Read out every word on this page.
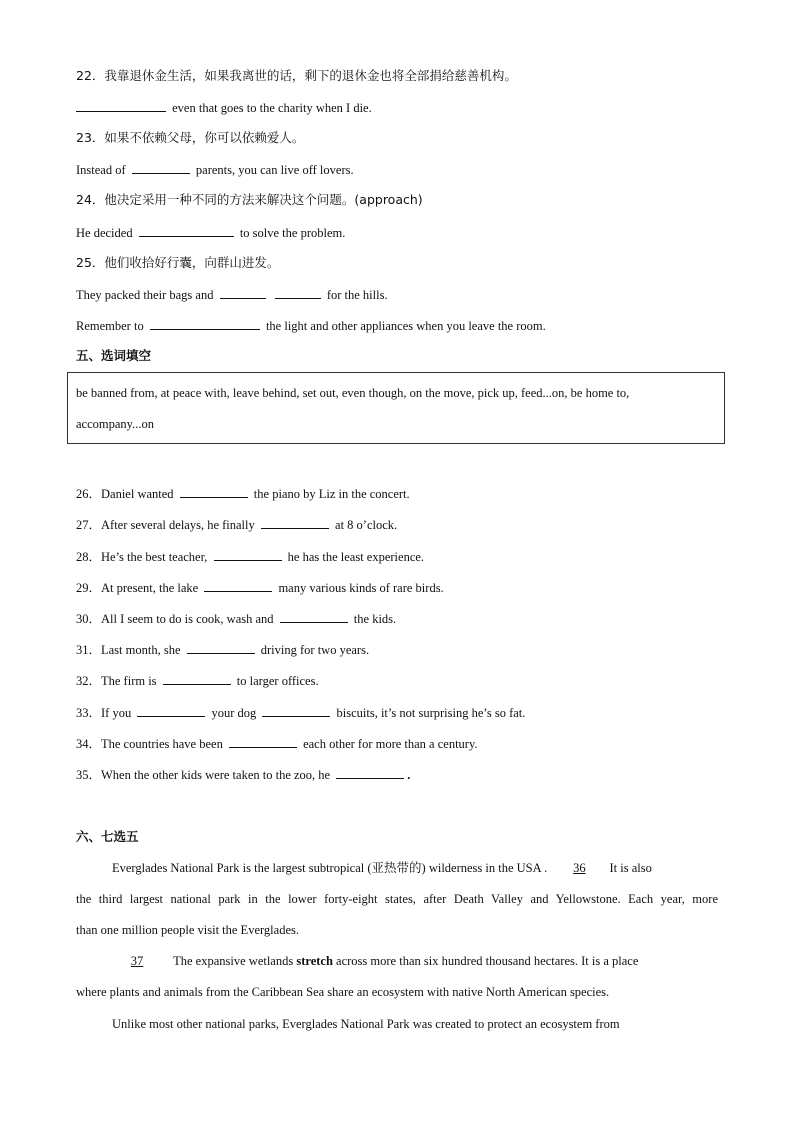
22．我靠退休金生活，如果我离世的话，剩下的退休金也将全部捐给慈善机构。
even that goes to the charity when I die.
23．如果不依赖父母，你可以依赖爱人。
Instead of	parents, you can live off lovers.
24．他决定采用一种不同的方法来解决这个问题。(approach)
He decided	to solve the problem.
25．他们收拾好行囊，向群山进发。
They packed their bags and	for the hills.
Remember to	the light and other appliances when you leave the room.
五、选词填空
be banned from, at peace with, leave behind, set out, even though, on the move, pick up, feed...on, be home to,
accompany...on
26．Daniel wanted	the piano by Liz in the concert.
27．After several delays, he finally	at 8 o’clock.
28．He’s the best teacher,	he has the least experience.
29．At present, the lake	many various kinds of rare birds.
30．All I seem to do is cook, wash and	the kids.
31．Last month, she	driving for two years.
32．The firm is	to larger offices.
33．If you	your dog	biscuits, it’s not surprising he’s so fat.
34．The countries have been	each other for more than a century.
35．When the other kids were taken to the zoo, he	.
六、七选五
Everglades National Park is the largest subtropical (亚热带的) wilderness in the USA . 36 It is also
the third largest national park in the lower forty-eight states, after Death Valley and Yellowstone. Each year, more
than one million people visit the Everglades.
37 The expansive wetlands stretch across more than six hundred thousand hectares. It is a place
where plants and animals from the Caribbean Sea share an ecosystem with native North American species.
Unlike most other national parks, Everglades National Park was created to protect an ecosystem from
